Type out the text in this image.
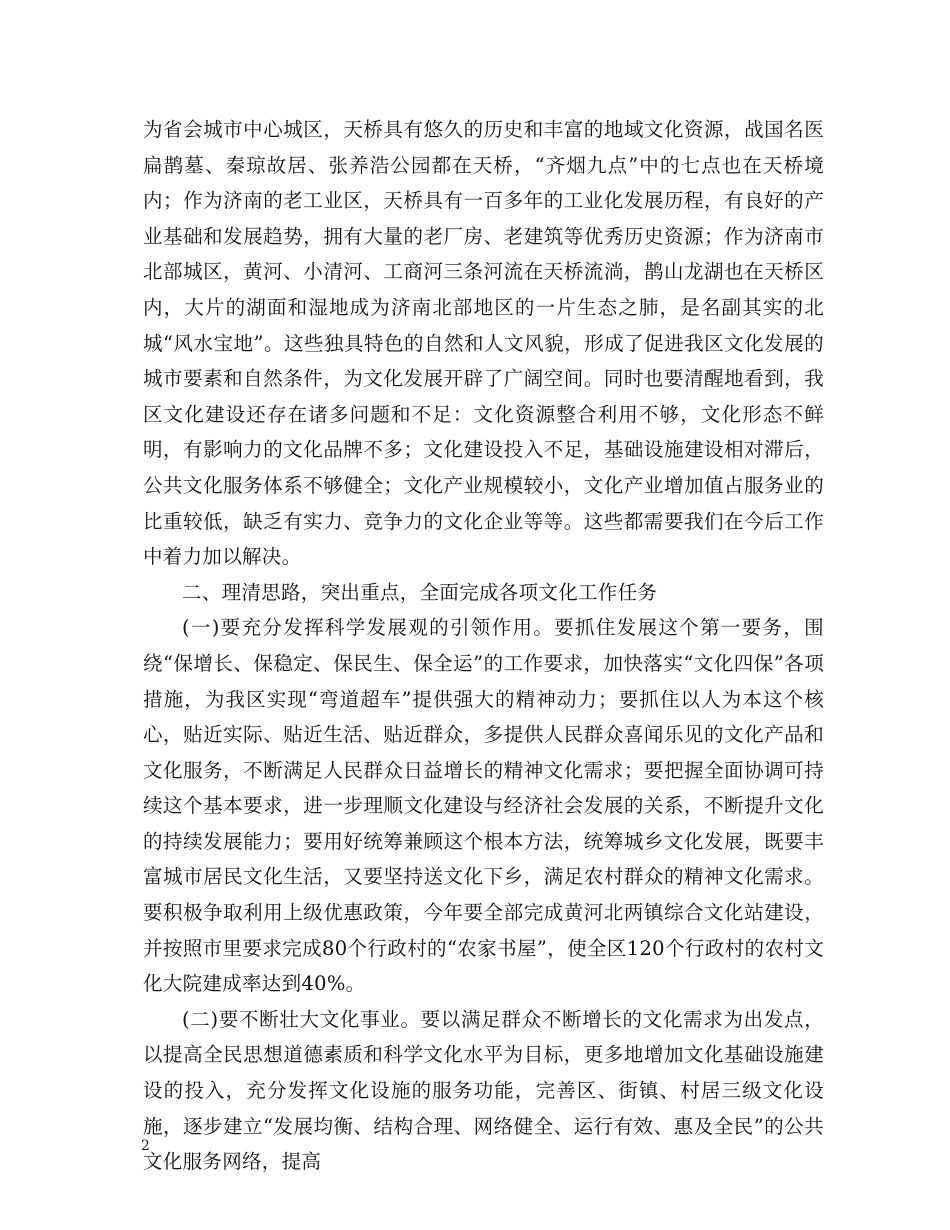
为省会城市中心城区，天桥具有悠久的历史和丰富的地域文化资源，战国名医扁鹊墓、秦琼故居、张养浩公园都在天桥，“齐烟九点”中的七点也在天桥境内；作为济南的老工业区，天桥具有一百多年的工业化发展历程，有良好的产业基础和发展趋势，拥有大量的老厂房、老建筑等优秀历史资源；作为济南市北部城区，黄河、小清河、工商河三条河流在天桥流淌，鹊山龙湖也在天桥区内，大片的湖面和湿地成为济南北部地区的一片生态之肺，是名副其实的北城“风水宝地”。这些独具特色的自然和人文风貌，形成了促进我区文化发展的城市要素和自然条件，为文化发展开辟了广阔空间。同时也要清醒地看到，我区文化建设还存在诸多问题和不足：文化资源整合利用不够，文化形态不鲜明，有影响力的文化品牌不多；文化建设投入不足，基础设施建设相对滞后，公共文化服务体系不够健全；文化产业规模较小，文化产业增加值占服务业的比重较低，缺乏有实力、竞争力的文化企业等等。这些都需要我们在今后工作中着力加以解决。

二、理清思路，突出重点，全面完成各项文化工作任务

(一)要充分发挥科学发展观的引领作用。要抓住发展这个第一要务，围绕“保增长、保稳定、保民生、保全运”的工作要求，加快落实“文化四保”各项措施，为我区实现“弯道超车”提供强大的精神动力；要抓住以人为本这个核心，贴近实际、贴近生活、贴近群众，多提供人民群众喜闻乐见的文化产品和文化服务，不断满足人民群众日益增长的精神文化需求；要把握全面协调可持续这个基本要求，进一步理顺文化建设与经济社会发展的关系，不断提升文化的持续发展能力；要用好统筹兼顾这个根本方法，统筹城乡文化发展，既要丰富城市居民文化生活，又要坚持送文化下乡，满足农村群众的精神文化需求。要积极争取利用上级优惠政策，今年要全部完成黄河北两镇综合文化站建设，并按照市里要求完成80个行政村的“农家书屋”，使全区120个行政村的农村文化大院建成率达到40%。

(二)要不断壮大文化事业。要以满足群众不断增长的文化需求为出发点，以提高全民思想道德素质和科学文化水平为目标，更多地增加文化基础设施建设的投入，充分发挥文化设施的服务功能，完善区、街镇、村居三级文化设施，逐步建立“发展均衡、结构合理、网络健全、运行有效、惠及全民”的公共文化服务网络，提高

2
